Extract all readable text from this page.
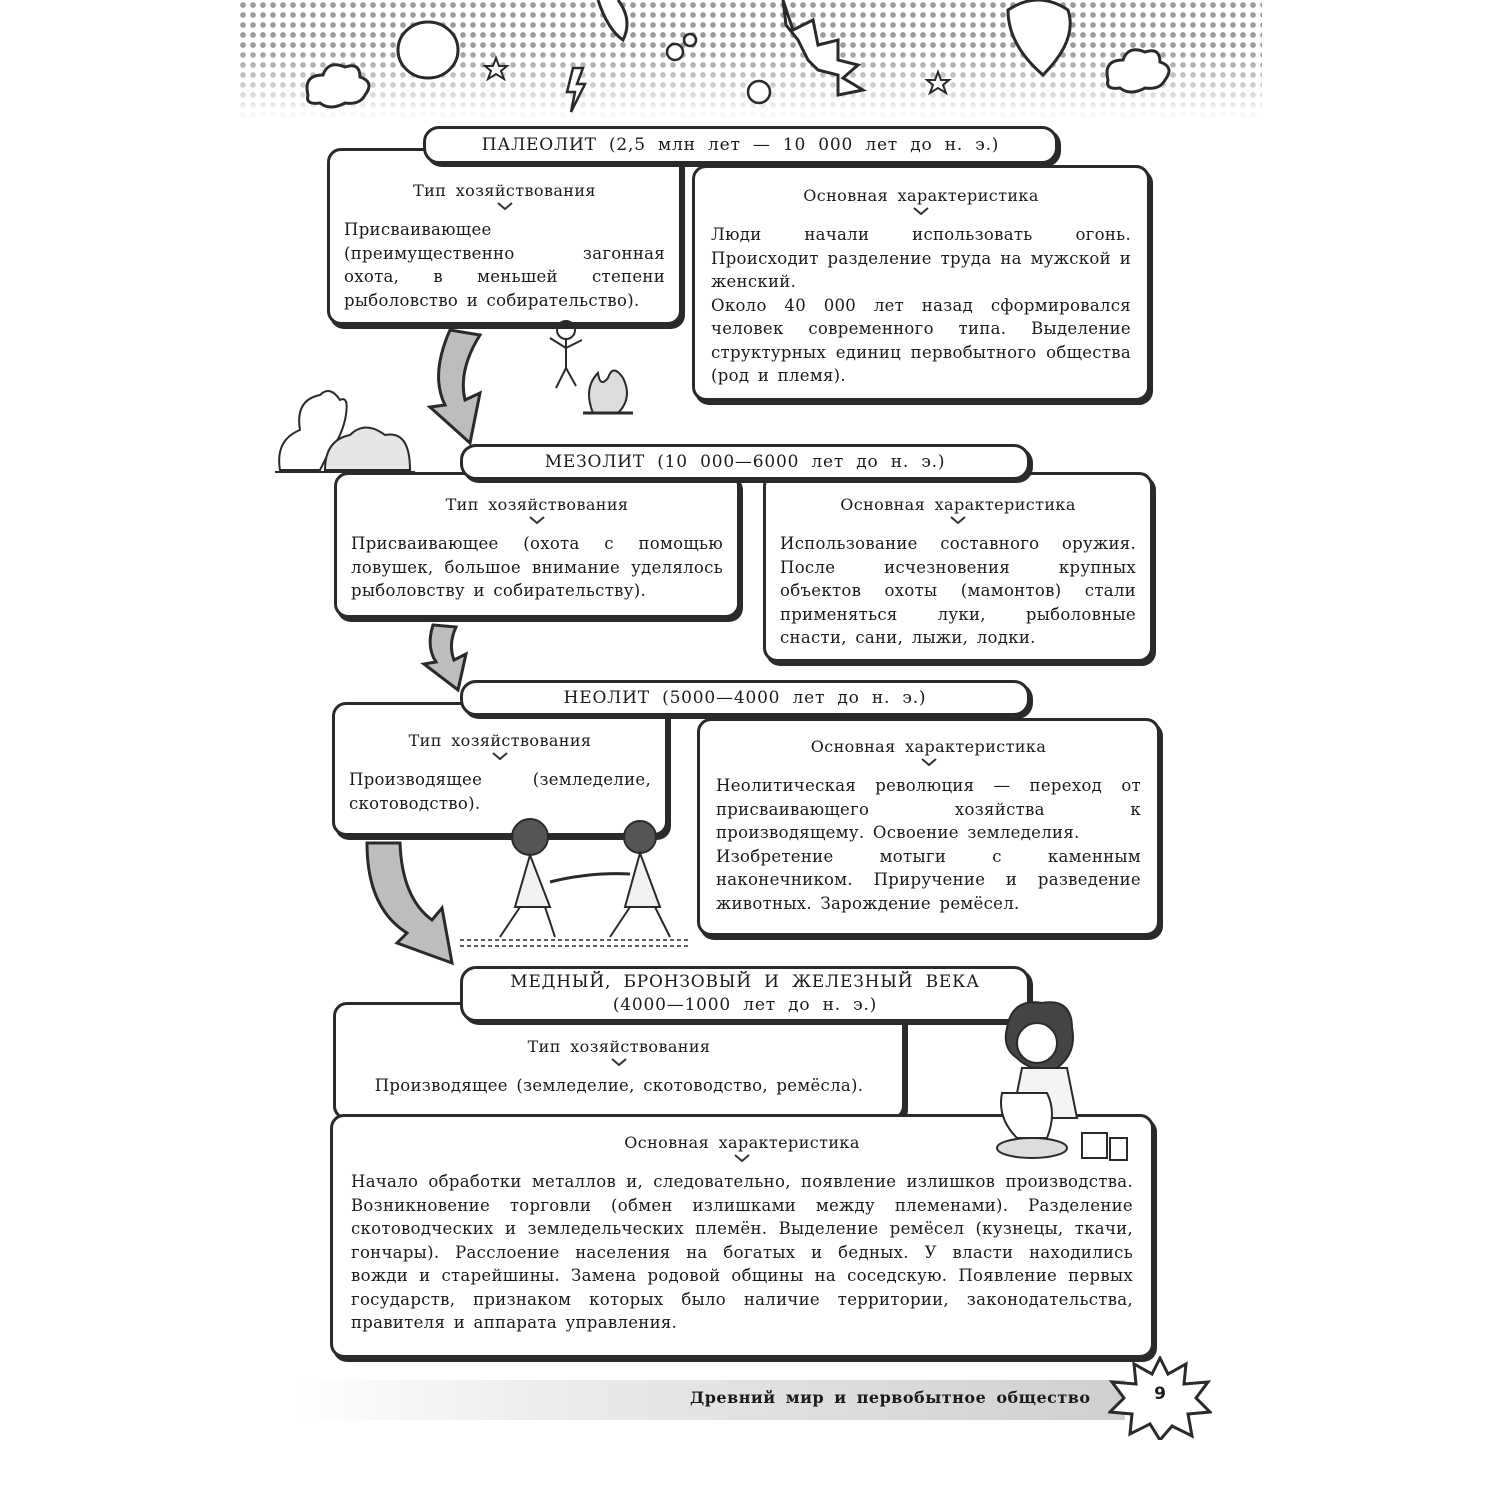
Тип хозяйствования
Присваивающее (преимущественно загонная охота, в меньшей степени рыболовство и собирательство).
Основная характеристика
Люди начали использовать огонь. Происходит разделение труда на мужской и женский.
Около 40 000 лет назад сформировался человек современного типа. Выделение структурных единиц первобытного общества (род и племя).
ПАЛЕОЛИТ (2,5 млн лет — 10 000 лет до н. э.)
Тип хозяйствования
Присваивающее (охота с помощью ловушек, большое внимание уделялось рыболовству и собирательству).
Основная характеристика
Использование составного оружия. После исчезновения крупных объектов охоты (мамонтов) стали применяться луки, рыболовные снасти, сани, лыжи, лодки.
МЕЗОЛИТ (10 000—6000 лет до н. э.)
Тип хозяйствования
Производящее (земледелие, скотоводство).
Основная характеристика
Неолитическая революция — переход от присваивающего хозяйства к производящему. Освоение земледелия.
Изобретение мотыги с каменным наконечником. Приручение и разведение животных. Зарождение ремёсел.
НЕОЛИТ (5000—4000 лет до н. э.)
Тип хозяйствования
Производящее (земледелие, скотоводство, ремёсла).
МЕДНЫЙ, БРОНЗОВЫЙ И ЖЕЛЕЗНЫЙ ВЕКА
(4000—1000 лет до н. э.)
Основная характеристика
Начало обработки металлов и, следовательно, появление излишков производства. Возникновение торговли (обмен излишками между племенами). Разделение скотоводческих и земледельческих племён. Выделение ремёсел (кузнецы, ткачи, гончары). Расслоение населения на богатых и бедных. У власти находились вожди и старейшины. Замена родовой общины на соседскую. Появление первых государств, признаком которых было наличие территории, законодательства, правителя и аппарата управления.
Древний мир и первобытное общество	9
